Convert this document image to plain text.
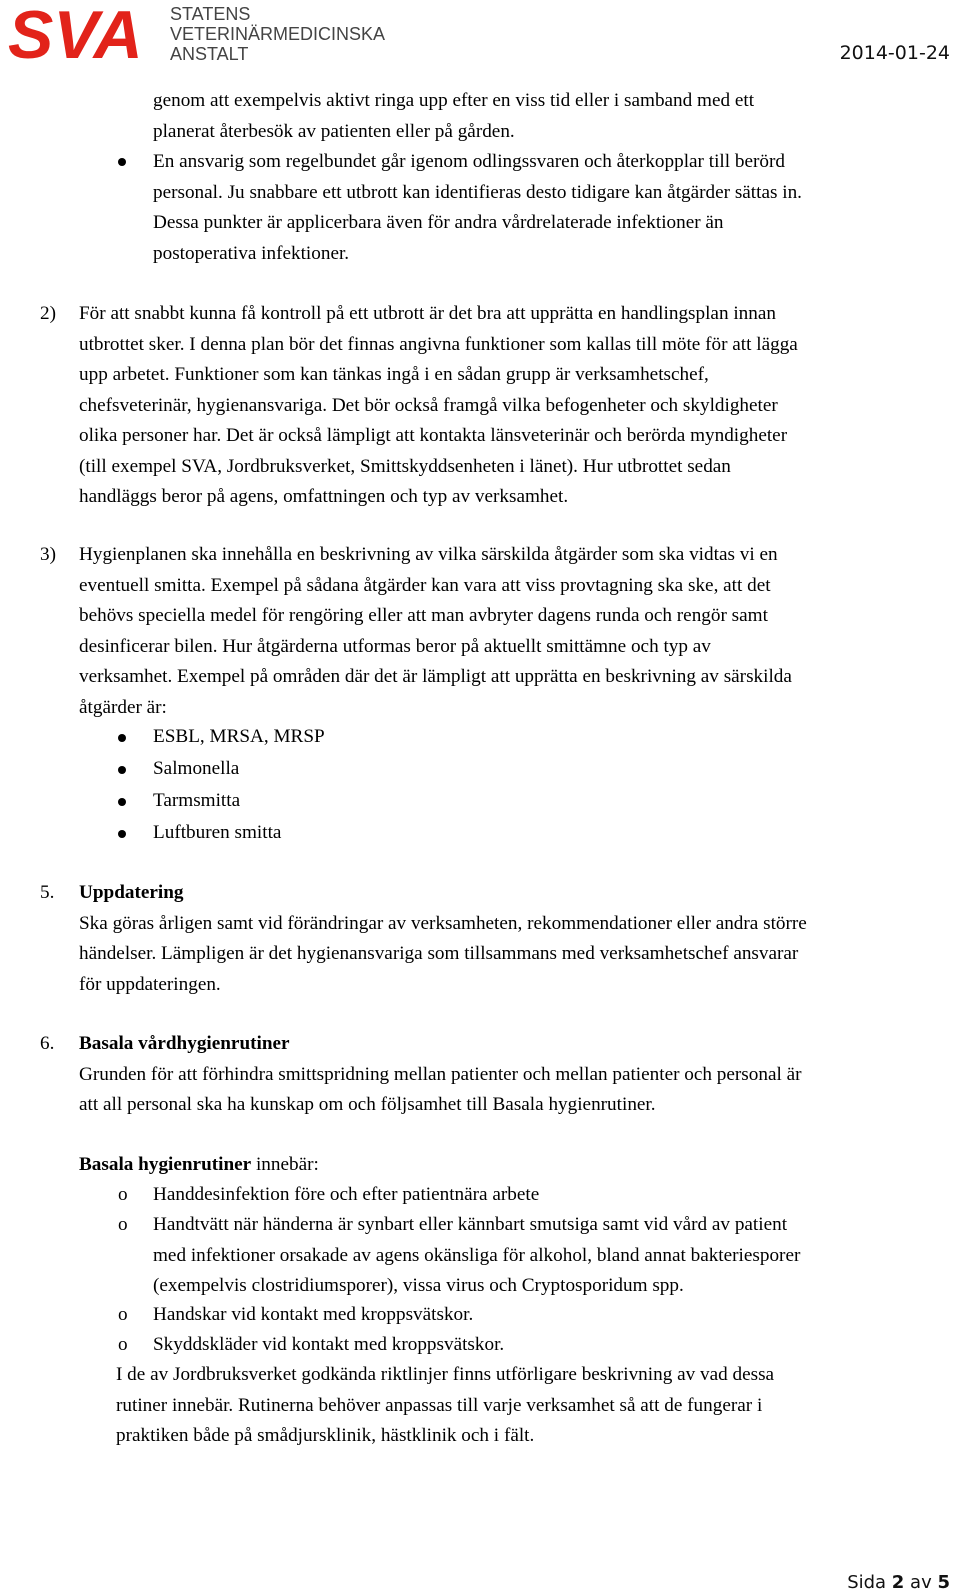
SVA STATENS
VETERINÄRMEDICINSKA
ANSTALT	2014-01-24
genom att exempelvis aktivt ringa upp efter en viss tid eller i samband med ett
planerat återbesök av patienten eller på gården.
En ansvarig som regelbundet går igenom odlingssvaren och återkopplar till berörd
personal. Ju snabbare ett utbrott kan identifieras desto tidigare kan åtgärder sättas in.
Dessa punkter är applicerbara även för andra vårdrelaterade infektioner än
postoperativa infektioner.
2) För att snabbt kunna få kontroll på ett utbrott är det bra att upprätta en handlingsplan innan
utbrottet sker. I denna plan bör det finnas angivna funktioner som kallas till möte för att lägga
upp arbetet. Funktioner som kan tänkas ingå i en sådan grupp är verksamhetschef,
chefsveterinär, hygienansvariga. Det bör också framgå vilka befogenheter och skyldigheter
olika personer har. Det är också lämpligt att kontakta länsveterinär och berörda myndigheter
(till exempel SVA, Jordbruksverket, Smittskyddsenheten i länet). Hur utbrottet sedan
handläggs beror på agens, omfattningen och typ av verksamhet.
3) Hygienplanen ska innehålla en beskrivning av vilka särskilda åtgärder som ska vidtas vi en
eventuell smitta. Exempel på sådana åtgärder kan vara att viss provtagning ska ske, att det
behövs speciella medel för rengöring eller att man avbryter dagens runda och rengör samt
desinficerar bilen. Hur åtgärderna utformas beror på aktuellt smittämne och typ av
verksamhet. Exempel på områden där det är lämpligt att upprätta en beskrivning av särskilda
åtgärder är:
ESBL, MRSA, MRSP
Salmonella
Tarmsmitta
Luftburen smitta
5. Uppdatering
Ska göras årligen samt vid förändringar av verksamheten, rekommendationer eller andra större
händelser. Lämpligen är det hygienansvariga som tillsammans med verksamhetschef ansvarar
för uppdateringen.
6. Basala vårdhygienrutiner
Grunden för att förhindra smittspridning mellan patienter och mellan patienter och personal är
att all personal ska ha kunskap om och följsamhet till Basala hygienrutiner.
Basala hygienrutiner innebär:
o Handdesinfektion före och efter patientnära arbete
o Handtvätt när händerna är synbart eller kännbart smutsiga samt vid vård av patient
med infektioner orsakade av agens okänsliga för alkohol, bland annat bakteriesporer
(exempelvis clostridiumsporer), vissa virus och Cryptosporidum spp.
o Handskar vid kontakt med kroppsvätskor.
o Skyddskläder vid kontakt med kroppsvätskor.
I de av Jordbruksverket godkända riktlinjer finns utförligare beskrivning av vad dessa
rutiner innebär. Rutinerna behöver anpassas till varje verksamhet så att de fungerar i
praktiken både på smådjursklinik, hästklinik och i fält.
Sida 2 av 5
